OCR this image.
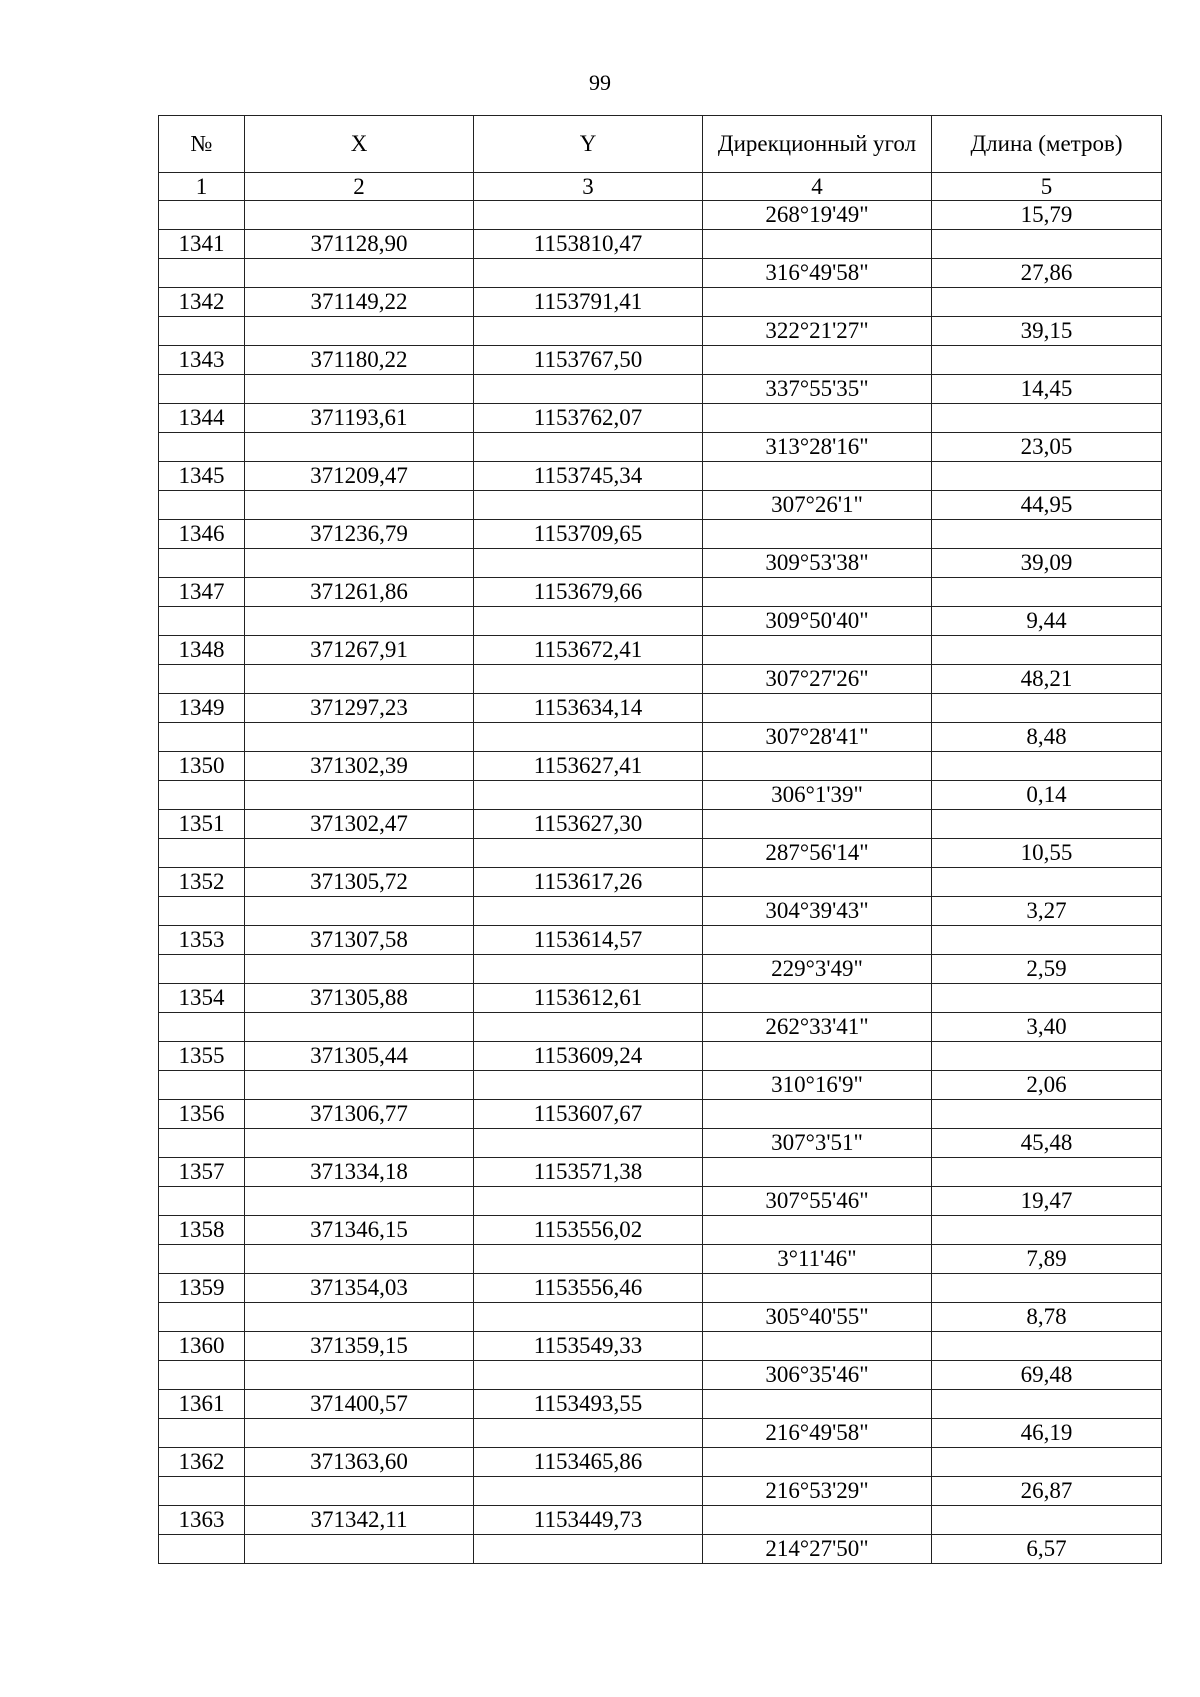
99
№	X	Y	Дирекционный угол	Длина (метров)
1	2	3	4	5
			268°19'49"	15,79
1341	371128,90	1153810,47		
			316°49'58"	27,86
1342	371149,22	1153791,41		
			322°21'27"	39,15
1343	371180,22	1153767,50		
			337°55'35"	14,45
1344	371193,61	1153762,07		
			313°28'16"	23,05
1345	371209,47	1153745,34		
			307°26'1"	44,95
1346	371236,79	1153709,65		
			309°53'38"	39,09
1347	371261,86	1153679,66		
			309°50'40"	9,44
1348	371267,91	1153672,41		
			307°27'26"	48,21
1349	371297,23	1153634,14		
			307°28'41"	8,48
1350	371302,39	1153627,41		
			306°1'39"	0,14
1351	371302,47	1153627,30		
			287°56'14"	10,55
1352	371305,72	1153617,26		
			304°39'43"	3,27
1353	371307,58	1153614,57		
			229°3'49"	2,59
1354	371305,88	1153612,61		
			262°33'41"	3,40
1355	371305,44	1153609,24		
			310°16'9"	2,06
1356	371306,77	1153607,67		
			307°3'51"	45,48
1357	371334,18	1153571,38		
			307°55'46"	19,47
1358	371346,15	1153556,02		
			3°11'46"	7,89
1359	371354,03	1153556,46		
			305°40'55"	8,78
1360	371359,15	1153549,33		
			306°35'46"	69,48
1361	371400,57	1153493,55		
			216°49'58"	46,19
1362	371363,60	1153465,86		
			216°53'29"	26,87
1363	371342,11	1153449,73		
			214°27'50"	6,57
